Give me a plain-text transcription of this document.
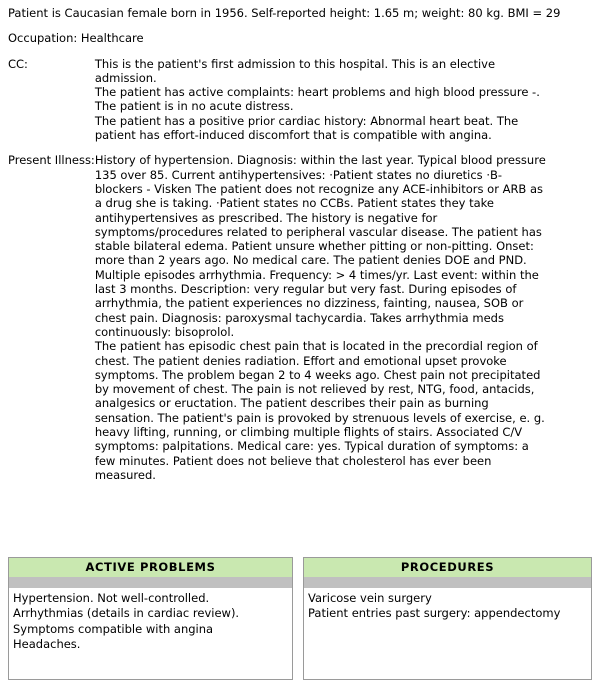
Patient is Caucasian female born in 1956. Self-reported height: 1.65 m; weight: 80 kg. BMI = 29
Occupation: Healthcare
CC:	This is the patient's first admission to this hospital. This is an elective admission.

The patient has active complaints: heart problems and high blood pressure -. The patient is in no acute distress.

The patient has a positive prior cardiac history: Abnormal heart beat. The patient has effort-induced discomfort that is compatible with angina.

Present Illness:	History of hypertension. Diagnosis: within the last year. Typical blood pressure 135 over 85. Current antihypertensives: ·Patient states no diuretics ·B-blockers - Visken The patient does not recognize any ACE-inhibitors or ARB as a drug she is taking. ·Patient states no CCBs. Patient states they take antihypertensives as prescribed. The history is negative for symptoms/procedures related to peripheral vascular disease. The patient has stable bilateral edema. Patient unsure whether pitting or non-pitting. Onset: more than 2 years ago. No medical care. The patient denies DOE and PND.

Multiple episodes arrhythmia. Frequency: > 4 times/yr. Last event: within the last 3 months. Description: very regular but very fast. During episodes of arrhythmia, the patient experiences no dizziness, fainting, nausea, SOB or chest pain. Diagnosis: paroxysmal tachycardia. Takes arrhythmia meds continuously: bisoprolol.

The patient has episodic chest pain that is located in the precordial region of chest. The patient denies radiation. Effort and emotional upset provoke symptoms. The problem began 2 to 4 weeks ago. Chest pain not precipitated by movement of chest. The pain is not relieved by rest, NTG, food, antacids, analgesics or eructation. The patient describes their pain as burning sensation. The patient's pain is provoked by strenuous levels of exercise, e. g. heavy lifting, running, or climbing multiple flights of stairs. Associated C/V symptoms: palpitations. Medical care: yes. Typical duration of symptoms: a few minutes. Patient does not believe that cholesterol has ever been measured.

ACTIVE PROBLEMS

Hypertension. Not well-controlled.
Arrhythmias (details in cardiac review).
Symptoms compatible with angina
Headaches.
PROCEDURES

Varicose vein surgery
Patient entries past surgery: appendectomy
